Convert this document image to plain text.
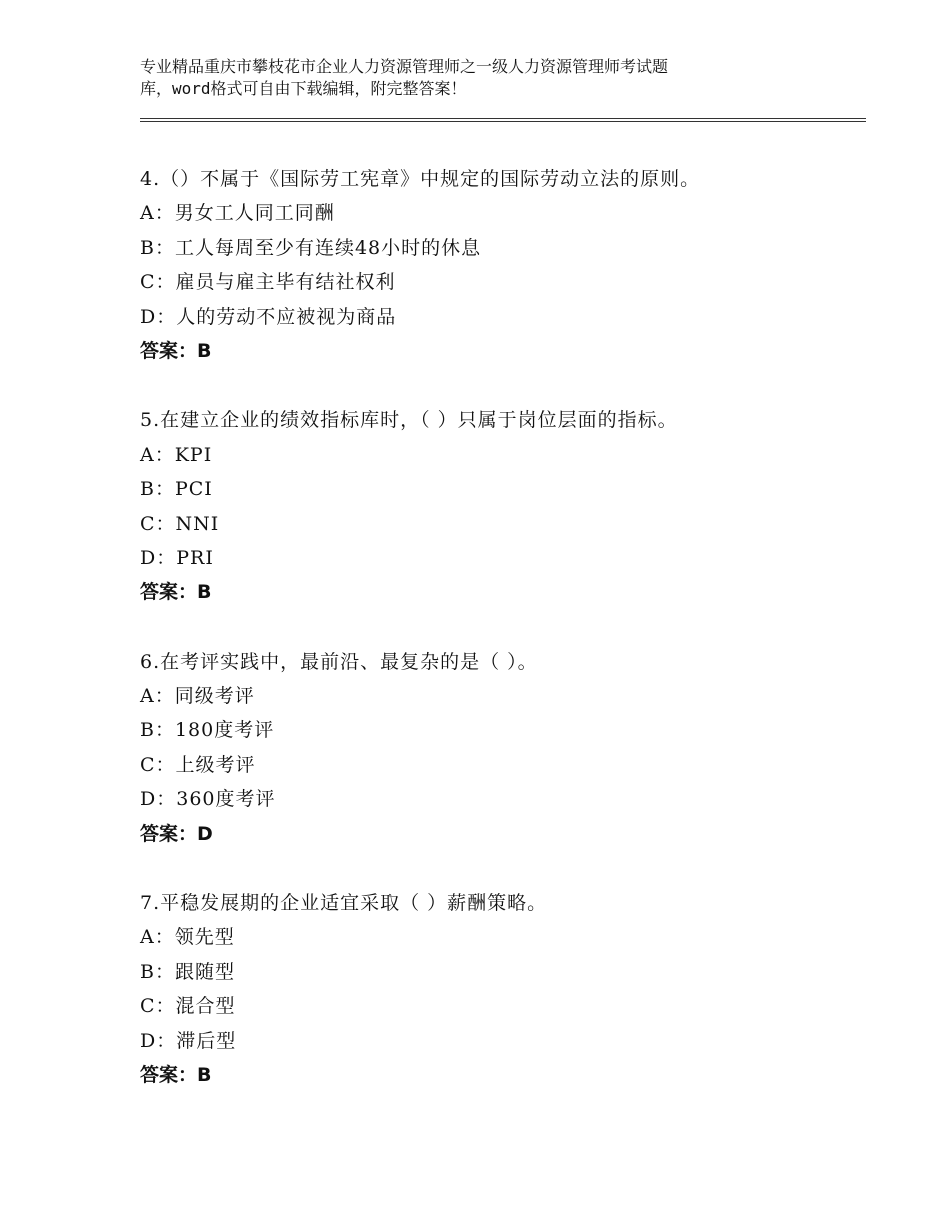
专业精品重庆市攀枝花市企业人力资源管理师之一级人力资源管理师考试题
库，word格式可自由下载编辑，附完整答案！
4.（）不属于《国际劳工宪章》中规定的国际劳动立法的原则。
A：男女工人同工同酬
B：工人每周至少有连续48小时的休息
C：雇员与雇主毕有结社权利
D：人的劳动不应被视为商品
答案：B
5.在建立企业的绩效指标库时，（ ）只属于岗位层面的指标。
A：KPI
B：PCI
C：NNI
D：PRI
答案：B
6.在考评实践中，最前沿、最复杂的是（ ）。
A：同级考评
B：180度考评
C：上级考评
D：360度考评
答案：D
7.平稳发展期的企业适宜采取（ ）薪酬策略。
A：领先型
B：跟随型
C：混合型
D：滞后型
答案：B
